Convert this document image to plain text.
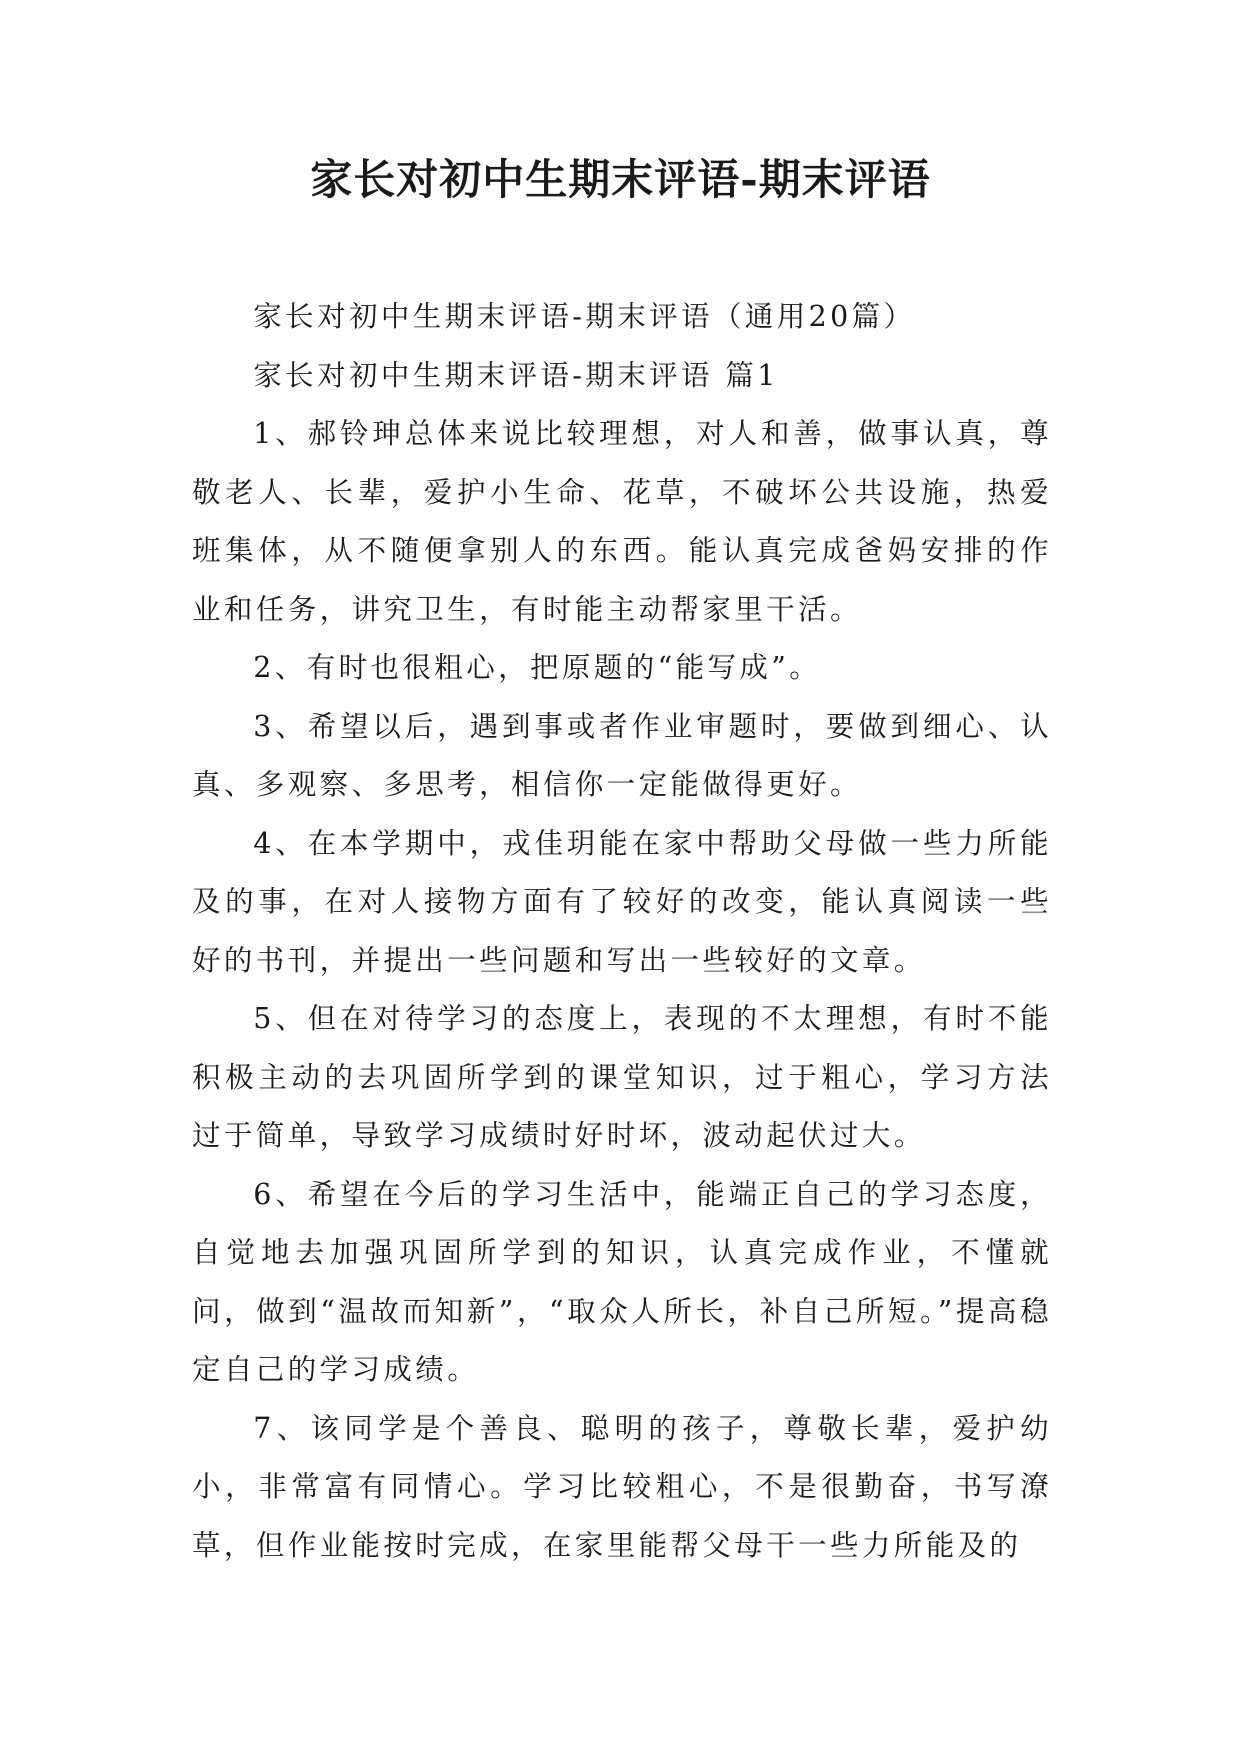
家长对初中生期末评语-期末评语

家长对初中生期末评语-期末评语（通用20篇）

家长对初中生期末评语-期末评语 篇1

1、郝铃珅总体来说比较理想，对人和善，做事认真，尊敬老人、长辈，爱护小生命、花草，不破坏公共设施，热爱班集体，从不随便拿别人的东西。能认真完成爸妈安排的作业和任务，讲究卫生，有时能主动帮家里干活。

2、有时也很粗心，把原题的“能写成”。

3、希望以后，遇到事或者作业审题时，要做到细心、认真、多观察、多思考，相信你一定能做得更好。

4、在本学期中，戎佳玥能在家中帮助父母做一些力所能及的事，在对人接物方面有了较好的改变，能认真阅读一些好的书刊，并提出一些问题和写出一些较好的文章。

5、但在对待学习的态度上，表现的不太理想，有时不能积极主动的去巩固所学到的课堂知识，过于粗心，学习方法过于简单，导致学习成绩时好时坏，波动起伏过大。

6、希望在今后的学习生活中，能端正自己的学习态度，自觉地去加强巩固所学到的知识，认真完成作业，不懂就问，做到“温故而知新”，“取众人所长，补自己所短。”提高稳定自己的学习成绩。

7、该同学是个善良、聪明的孩子，尊敬长辈，爱护幼小，非常富有同情心。学习比较粗心，不是很勤奋，书写潦草，但作业能按时完成，在家里能帮父母干一些力所能及的
